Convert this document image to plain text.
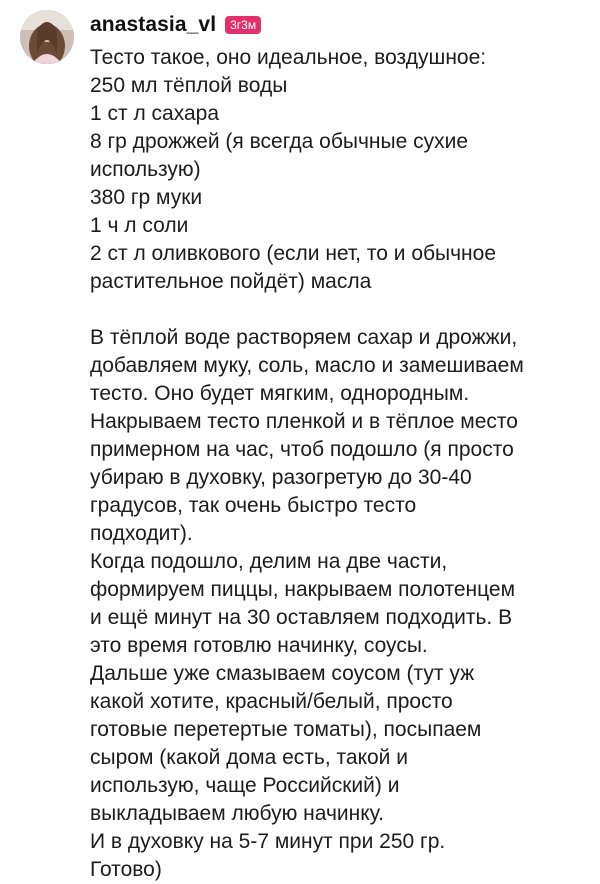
anastasia_vl	3г3м
Тесто такое, оно идеальное, воздушное:
250 мл тёплой воды
1 ст л сахара
8 гр дрожжей (я всегда обычные сухие
использую)
380 гр муки
1 ч л соли
2 ст л оливкового (если нет, то и обычное
растительное пойдёт) масла
В тёплой воде растворяем сахар и дрожжи,
добавляем муку, соль, масло и замешиваем
тесто. Оно будет мягким, однородным.
Накрываем тесто пленкой и в тёплое место
примерном на час, чтоб подошло (я просто
убираю в духовку, разогретую до 30-40
градусов, так очень быстро тесто
подходит).
Когда подошло, делим на две части,
формируем пиццы, накрываем полотенцем
и ещё минут на 30 оставляем подходить. В
это время готовлю начинку, соусы.
Дальше уже смазываем соусом (тут уж
какой хотите, красный/белый, просто
готовые перетертые томаты), посыпаем
сыром (какой дома есть, такой и
использую, чаще Российский) и
выкладываем любую начинку.
И в духовку на 5-7 минут при 250 гр.
Готово)
